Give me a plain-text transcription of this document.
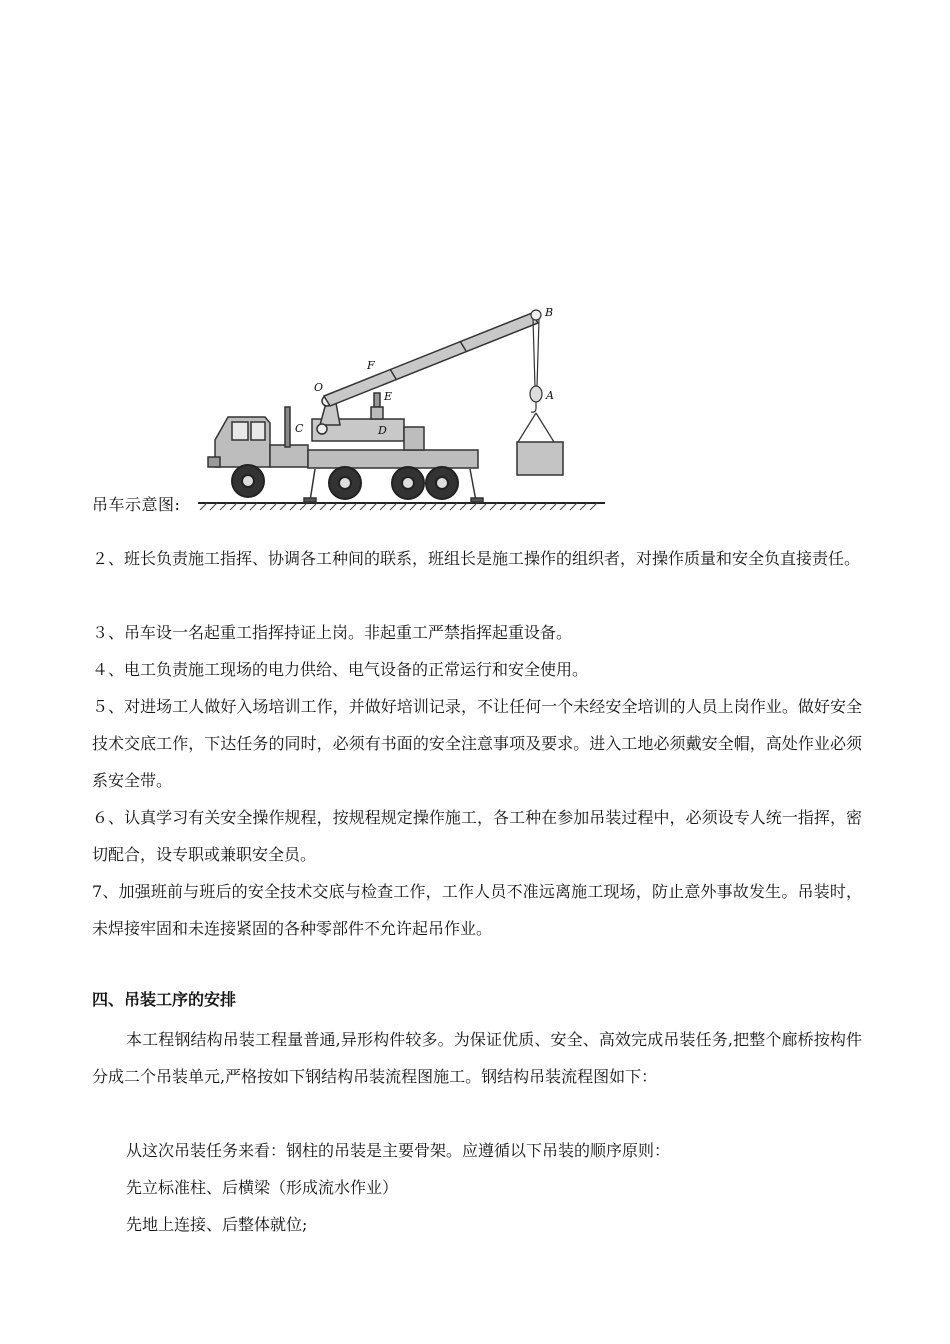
B
F
O
E	A
C	D
吊车示意图:

２、班长负责施工指挥、协调各工种间的联系，班组长是施工操作的组织者，对操作质量和安全负直接责任。

３、吊车设一名起重工指挥持证上岗。非起重工严禁指挥起重设备。

４、电工负责施工现场的电力供给、电气设备的正常运行和安全使用。

５、对进场工人做好入场培训工作，并做好培训记录，不让任何一个未经安全培训的人员上岗作业。做好安全技术交底工作，下达任务的同时，必须有书面的安全注意事项及要求。进入工地必须戴安全帽，高处作业必须系安全带。

６、认真学习有关安全操作规程，按规程规定操作施工，各工种在参加吊装过程中，必须设专人统一指挥，密切配合，设专职或兼职安全员。

7、加强班前与班后的安全技术交底与检查工作，工作人员不准远离施工现场，防止意外事故发生。吊装时，未焊接牢固和未连接紧固的各种零部件不允许起吊作业。

四、吊装工序的安排

本工程钢结构吊装工程量普通,异形构件较多。为保证优质、安全、高效完成吊装任务,把整个廊桥按构件分成二个吊装单元,严格按如下钢结构吊装流程图施工。钢结构吊装流程图如下：

从这次吊装任务来看：钢柱的吊装是主要骨架。应遵循以下吊装的顺序原则：

先立标准柱、后横梁（形成流水作业）

先地上连接、后整体就位;
